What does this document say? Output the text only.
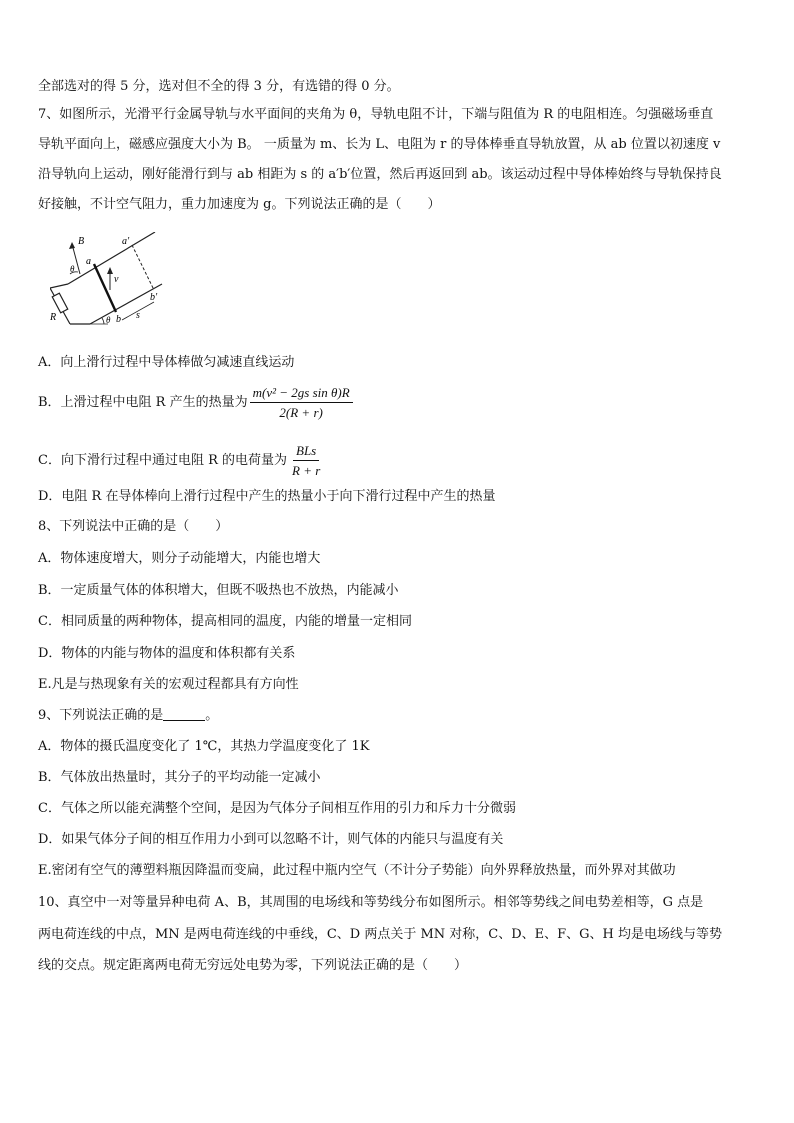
全部选对的得 5 分，选对但不全的得 3 分，有选错的得 0 分。
7、如图所示，光滑平行金属导轨与水平面间的夹角为 θ，导轨电阻不计，下端与阻值为 R 的电阻相连。匀强磁场垂直
导轨平面向上，磁感应强度大小为 B。 一质量为 m、长为 L、电阻为 r 的导体棒垂直导轨放置，从 ab 位置以初速度 v
沿导轨向上运动，刚好能滑行到与 ab 相距为 s 的 a′b′位置，然后再返回到 ab。该运动过程中导体棒始终与导轨保持良
好接触，不计空气阻力，重力加速度为 g。下列说法正确的是（　　）
B	a′
a
θ
v
R
b′
b s
θ
A．向上滑行过程中导体棒做匀减速直线运动
B．上滑过程中电阻 R 产生的热量为 $\frac{\text{m(v² − 2gs sin θ)R}}{2(R + r)}$
C．向下滑行过程中通过电阻 R 的电荷量为 $\frac{\text{BLs}}{R + r}$
D．电阻 R 在导体棒向上滑行过程中产生的热量小于向下滑行过程中产生的热量
8、下列说法中正确的是（　　）
A．物体速度增大，则分子动能增大，内能也增大
B．一定质量气体的体积增大，但既不吸热也不放热，内能减小
C．相同质量的两种物体，提高相同的温度，内能的增量一定相同
D．物体的内能与物体的温度和体积都有关系
E.凡是与热现象有关的宏观过程都具有方向性
9、下列说法正确的是	。
A．物体的摄氏温度变化了 1℃，其热力学温度变化了 1K
B．气体放出热量时，其分子的平均动能一定减小
C．气体之所以能充满整个空间，是因为气体分子间相互作用的引力和斥力十分微弱
D．如果气体分子间的相互作用力小到可以忽略不计，则气体的内能只与温度有关
E.密闭有空气的薄塑料瓶因降温而变扁，此过程中瓶内空气（不计分子势能）向外界释放热量，而外界对其做功
10、真空中一对等量异种电荷 A、B，其周围的电场线和等势线分布如图所示。相邻等势线之间电势差相等，G 点是
两电荷连线的中点，MN 是两电荷连线的中垂线，C、D 两点关于 MN 对称，C、D、E、F、G、H 均是电场线与等势
线的交点。规定距离两电荷无穷远处电势为零，下列说法正确的是（　　）
